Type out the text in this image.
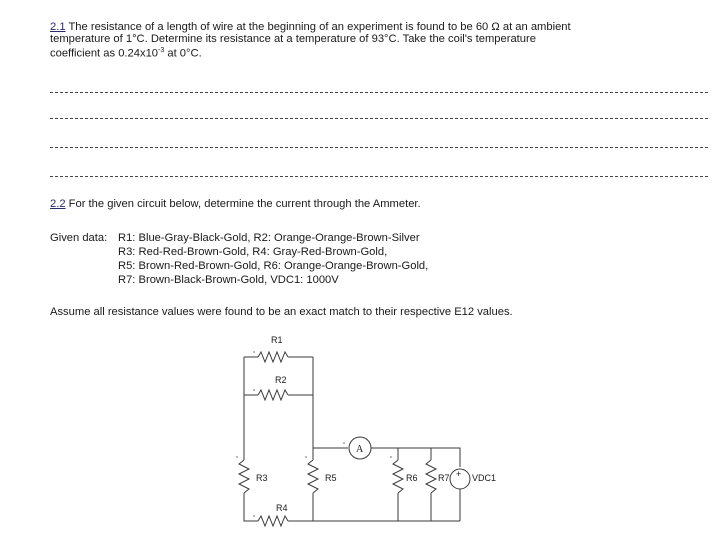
2.1 The resistance of a length of wire at the beginning of an experiment is found to be 60 Ω at an ambient
temperature of 1°C. Determine its resistance at a temperature of 93°C. Take the coil's temperature
coefficient as $0.24x10^{-3}$ at 0°C.
2.2 For the given circuit below, determine the current through the Ammeter.
Given data: R1: Blue-Gray-Black-Gold, R2: Orange-Orange-Brown-Silver
R3: Red-Red-Brown-Gold, R4: Gray-Red-Brown-Gold,
R5: Brown-Red-Brown-Gold, R6: Orange-Orange-Brown-Gold,
R7: Brown-Black-Brown-Gold, VDC1: 1000V
Assume all resistance values were found to be an exact match to their respective E12 values.
R1
R2
R3
R4
R5	R6 R7 VDC1
A
+
